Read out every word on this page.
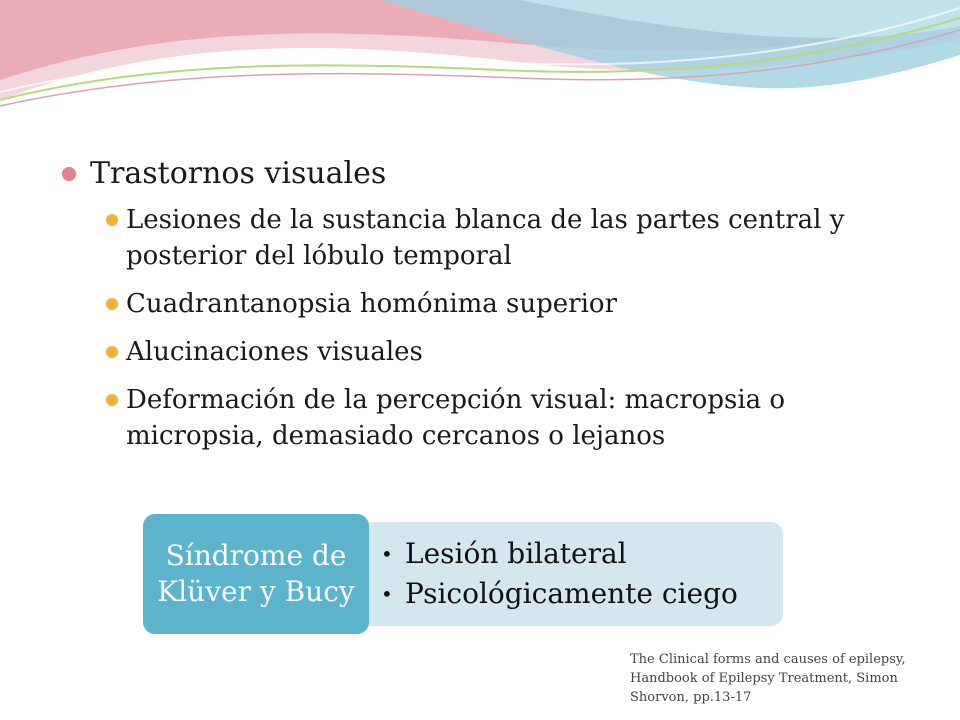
Trastornos visuales
Lesiones de la sustancia blanca de las partes central y posterior del lóbulo temporal
Cuadrantanopsia homónima superior
Alucinaciones visuales
Deformación de la percepción visual: macropsia o micropsia, demasiado cercanos o lejanos
Síndrome de
Klüver y Bucy
• Lesión bilateral
• Psicológicamente ciego
The Clinical forms and causes of epilepsy, Handbook of Epilepsy Treatment, Simon Shorvon, pp.13-17
